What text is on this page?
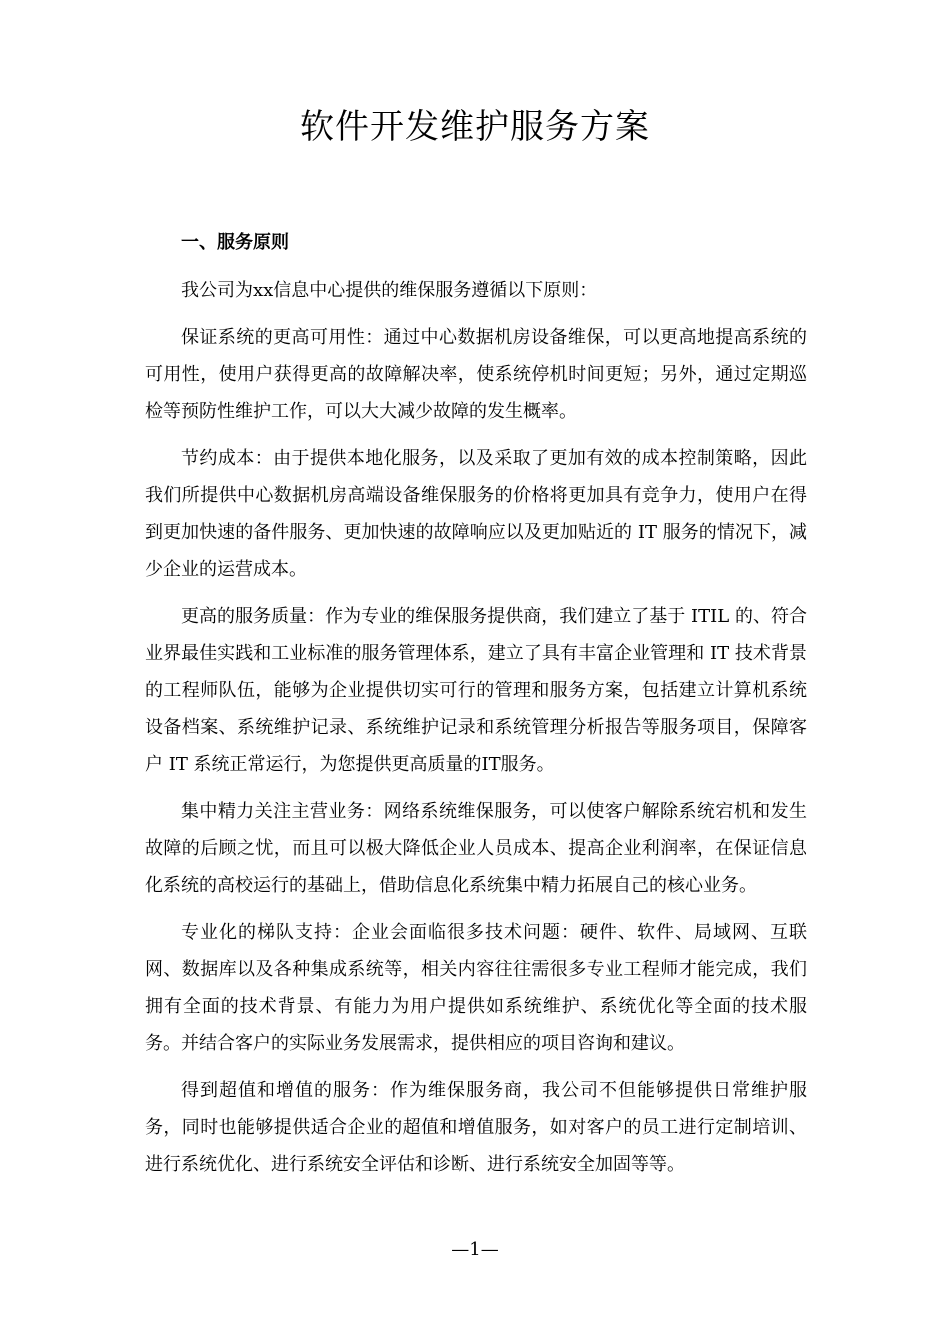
软件开发维护服务方案
一、服务原则

我公司为xx信息中心提供的维保服务遵循以下原则：

保证系统的更高可用性：通过中心数据机房设备维保，可以更高地提高系统的可用性，使用户获得更高的故障解决率，使系统停机时间更短；另外，通过定期巡检等预防性维护工作，可以大大减少故障的发生概率。

节约成本：由于提供本地化服务，以及采取了更加有效的成本控制策略，因此我们所提供中心数据机房高端设备维保服务的价格将更加具有竞争力，使用户在得到更加快速的备件服务、更加快速的故障响应以及更加贴近的 IT 服务的情况下，减少企业的运营成本。

更高的服务质量：作为专业的维保服务提供商，我们建立了基于 ITIL 的、符合业界最佳实践和工业标准的服务管理体系，建立了具有丰富企业管理和 IT 技术背景的工程师队伍，能够为企业提供切实可行的管理和服务方案，包括建立计算机系统设备档案、系统维护记录、系统维护记录和系统管理分析报告等服务项目，保障客户 IT 系统正常运行，为您提供更高质量的IT服务。

集中精力关注主营业务：网络系统维保服务，可以使客户解除系统宕机和发生故障的后顾之忧，而且可以极大降低企业人员成本、提高企业利润率，在保证信息化系统的高校运行的基础上，借助信息化系统集中精力拓展自己的核心业务。

专业化的梯队支持：企业会面临很多技术问题：硬件、软件、局域网、互联网、数据库以及各种集成系统等，相关内容往往需很多专业工程师才能完成，我们拥有全面的技术背景、有能力为用户提供如系统维护、系统优化等全面的技术服务。并结合客户的实际业务发展需求，提供相应的项目咨询和建议。

得到超值和增值的服务：作为维保服务商，我公司不但能够提供日常维护服务，同时也能够提供适合企业的超值和增值服务，如对客户的员工进行定制培训、进行系统优化、进行系统安全评估和诊断、进行系统安全加固等等。

—1—
